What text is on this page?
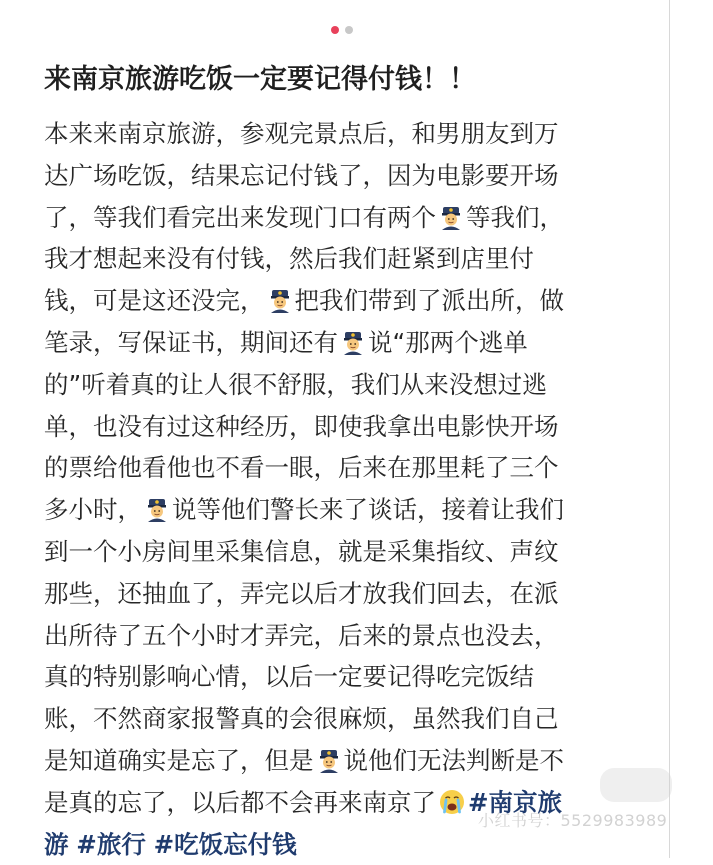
来南京旅游吃饭一定要记得付钱！！
本来来南京旅游，参观完景点后，和男朋友到万
达广场吃饭，结果忘记付钱了，因为电影要开场
了，等我们看完出来发现门口有两个 等我们，
我才想起来没有付钱，然后我们赶紧到店里付
钱，可是这还没完， 把我们带到了派出所，做
笔录，写保证书，期间还有 说“那两个逃单
的”听着真的让人很不舒服，我们从来没想过逃
单，也没有过这种经历，即使我拿出电影快开场
的票给他看他也不看一眼，后来在那里耗了三个
多小时， 说等他们警长来了谈话，接着让我们
到一个小房间里采集信息，就是采集指纹、声纹
那些，还抽血了，弄完以后才放我们回去，在派
出所待了五个小时才弄完，后来的景点也没去，
真的特别影响心情，以后一定要记得吃完饭结
账，不然商家报警真的会很麻烦，虽然我们自己
是知道确实是忘了，但是 说他们无法判断是不
是真的忘了，以后都不会再来南京了 #南京旅
游 #旅行 #吃饭忘付钱
小红书号：5529983989
